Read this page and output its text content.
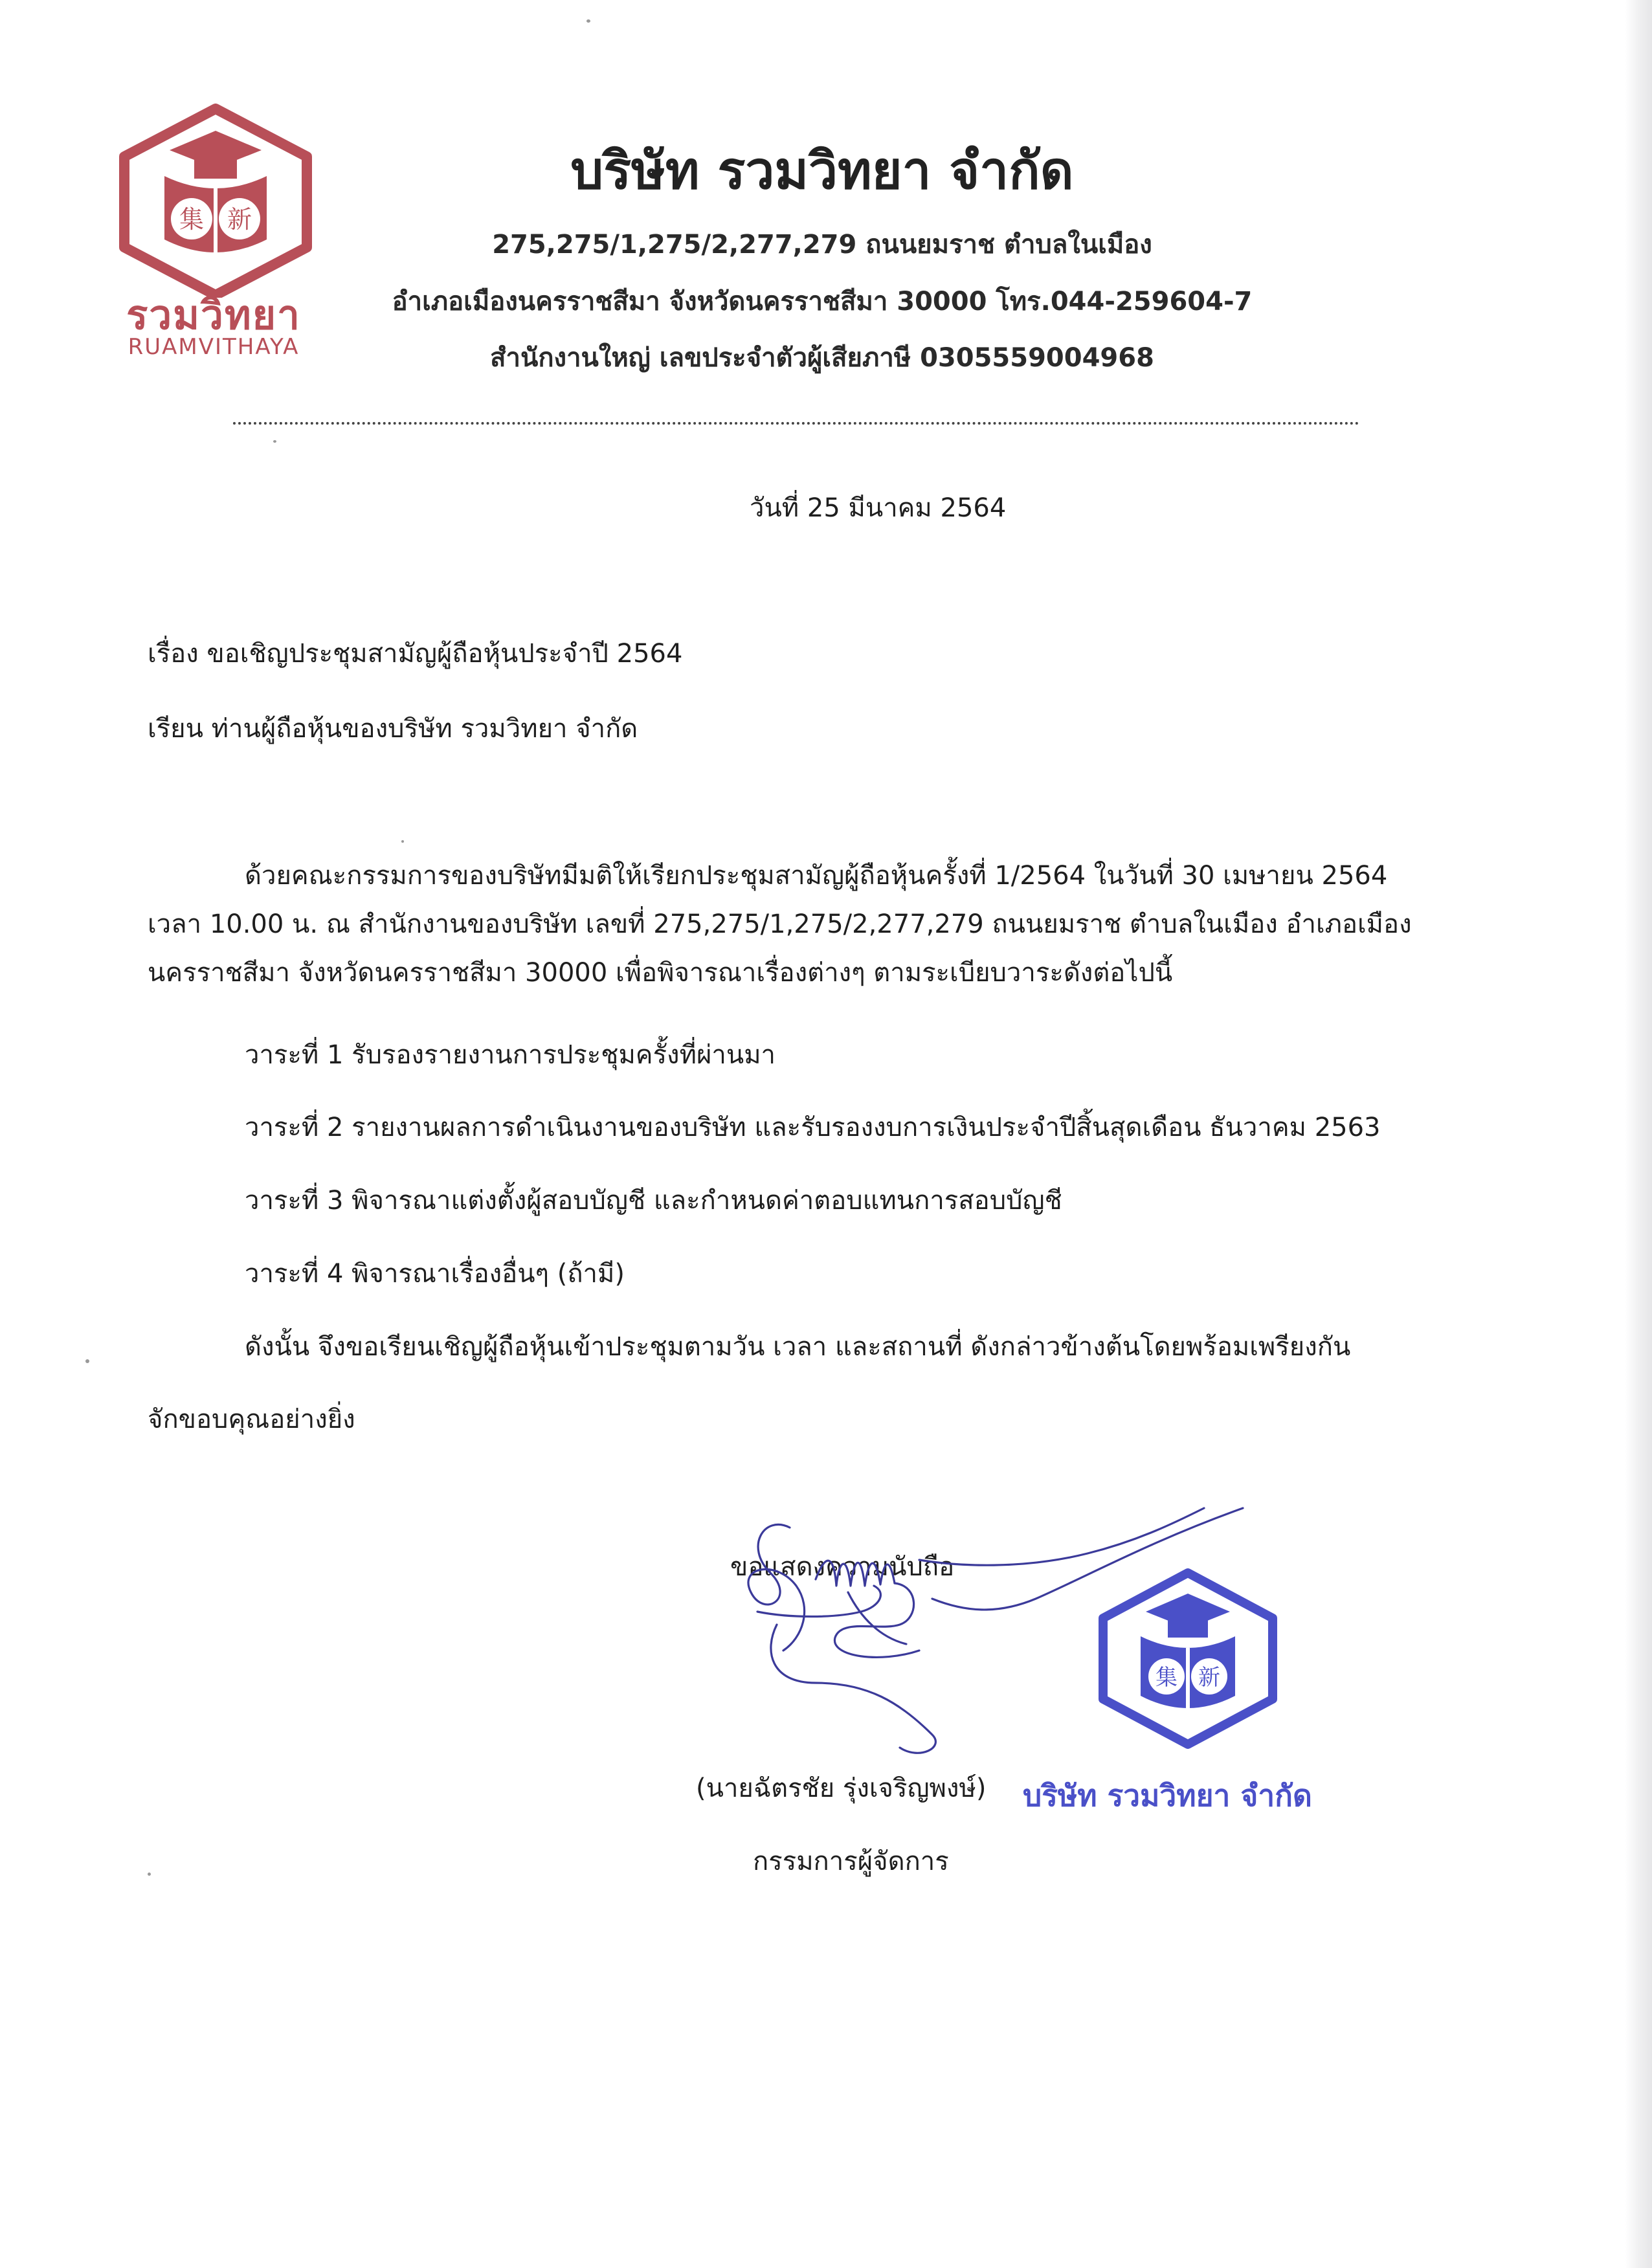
集 新
รวมวิทยา
RUAMVITHAYA
บริษัท รวมวิทยา จำกัด
275,275/1,275/2,277,279 ถนนยมราช ตำบลในเมือง
อำเภอเมืองนครราชสีมา จังหวัดนครราชสีมา 30000 โทร.044-259604-7
สำนักงานใหญ่ เลขประจำตัวผู้เสียภาษี 0305559004968
วันที่ 25 มีนาคม 2564
เรื่อง ขอเชิญประชุมสามัญผู้ถือหุ้นประจำปี 2564
เรียน ท่านผู้ถือหุ้นของบริษัท รวมวิทยา จำกัด
ด้วยคณะกรรมการของบริษัทมีมติให้เรียกประชุมสามัญผู้ถือหุ้นครั้งที่ 1/2564 ในวันที่ 30 เมษายน 2564
เวลา 10.00 น. ณ สำนักงานของบริษัท เลขที่ 275,275/1,275/2,277,279 ถนนยมราช ตำบลในเมือง อำเภอเมือง
นครราชสีมา จังหวัดนครราชสีมา 30000 เพื่อพิจารณาเรื่องต่างๆ ตามระเบียบวาระดังต่อไปนี้
วาระที่ 1 รับรองรายงานการประชุมครั้งที่ผ่านมา
วาระที่ 2 รายงานผลการดำเนินงานของบริษัท และรับรองงบการเงินประจำปีสิ้นสุดเดือน ธันวาคม 2563
วาระที่ 3 พิจารณาแต่งตั้งผู้สอบบัญชี และกำหนดค่าตอบแทนการสอบบัญชี
วาระที่ 4 พิจารณาเรื่องอื่นๆ (ถ้ามี)
ดังนั้น จึงขอเรียนเชิญผู้ถือหุ้นเข้าประชุมตามวัน เวลา และสถานที่ ดังกล่าวข้างต้นโดยพร้อมเพรียงกัน
จักขอบคุณอย่างยิ่ง
ขอแสดงความนับถือ
集 新
บริษัท รวมวิทยา จำกัด
(นายฉัตรชัย รุ่งเจริญพงษ์)
กรรมการผู้จัดการ
